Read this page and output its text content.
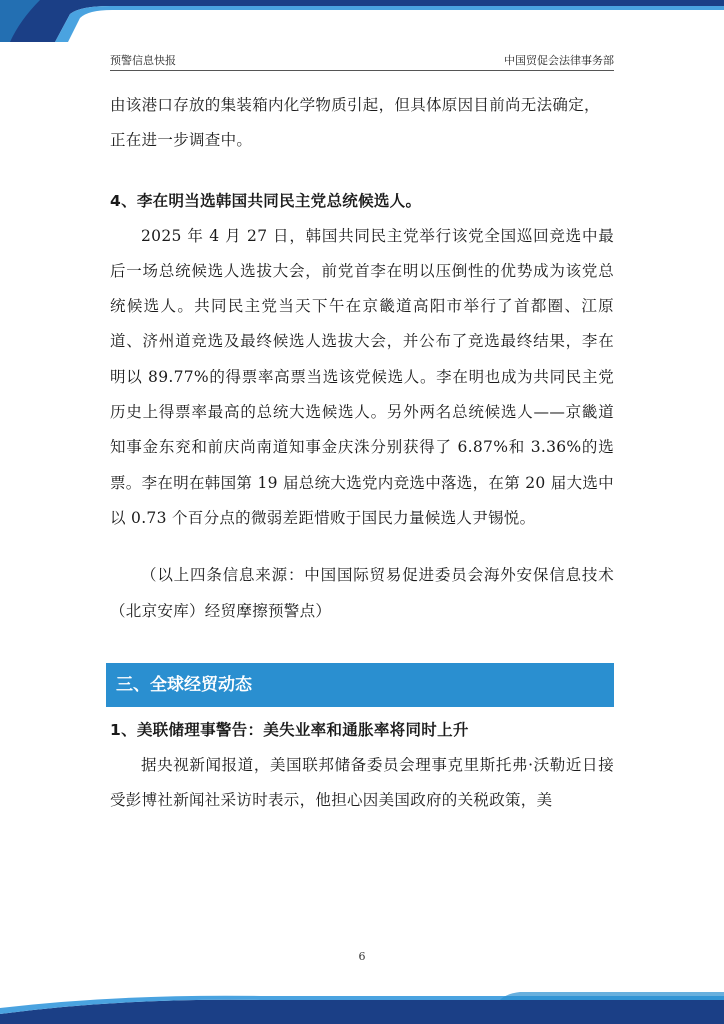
预警信息快报	中国贸促会法律事务部

由该港口存放的集装箱内化学物质引起，但具体原因目前尚无法确定，

正在进一步调查中。

4、李在明当选韩国共同民主党总统候选人。

2025 年 4 月 27 日，韩国共同民主党举行该党全国巡回竞选中最后一场总统候选人选拔大会，前党首李在明以压倒性的优势成为该党总统候选人。共同民主党当天下午在京畿道高阳市举行了首都圈、江原道、济州道竞选及最终候选人选拔大会，并公布了竞选最终结果，李在明以 89.77%的得票率高票当选该党候选人。李在明也成为共同民主党历史上得票率最高的总统大选候选人。另外两名总统候选人——京畿道知事金东兖和前庆尚南道知事金庆洙分别获得了 6.87%和 3.36%的选票。李在明在韩国第 19 届总统大选党内竞选中落选，在第 20 届大选中以 0.73 个百分点的微弱差距惜败于国民力量候选人尹锡悦。

（以上四条信息来源：中国国际贸易促进委员会海外安保信息技术（北京安库）经贸摩擦预警点）

三、全球经贸动态

1、美联储理事警告：美失业率和通胀率将同时上升

据央视新闻报道，美国联邦储备委员会理事克里斯托弗·沃勒近日接受彭博社新闻社采访时表示，他担心因美国政府的关税政策，美

6
